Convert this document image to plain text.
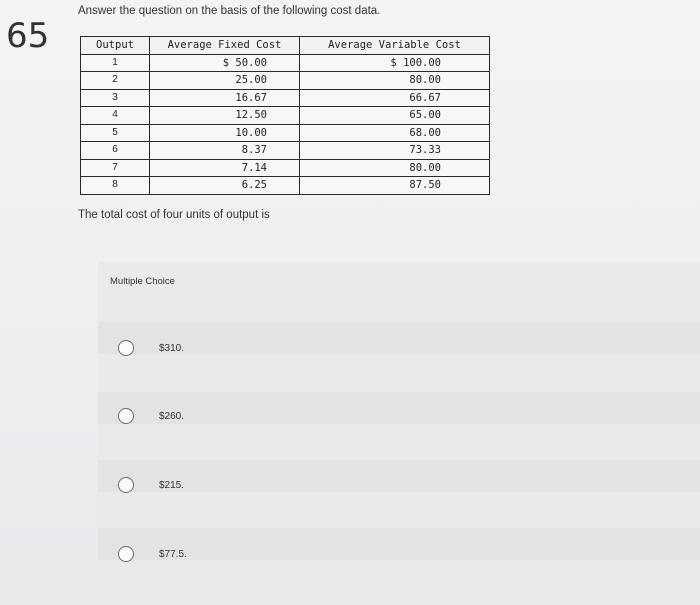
65
Answer the question on the basis of the following cost data.
Output	Average Fixed Cost	Average Variable Cost
1	$ 50.00	$ 100.00
2	25.00	80.00
3	16.67	66.67
4	12.50	65.00
5	10.00	68.00
6	8.37	73.33
7	7.14	80.00
8	6.25	87.50
The total cost of four units of output is
Multiple Choice
$310.
$260.
$215.
$77.5.
